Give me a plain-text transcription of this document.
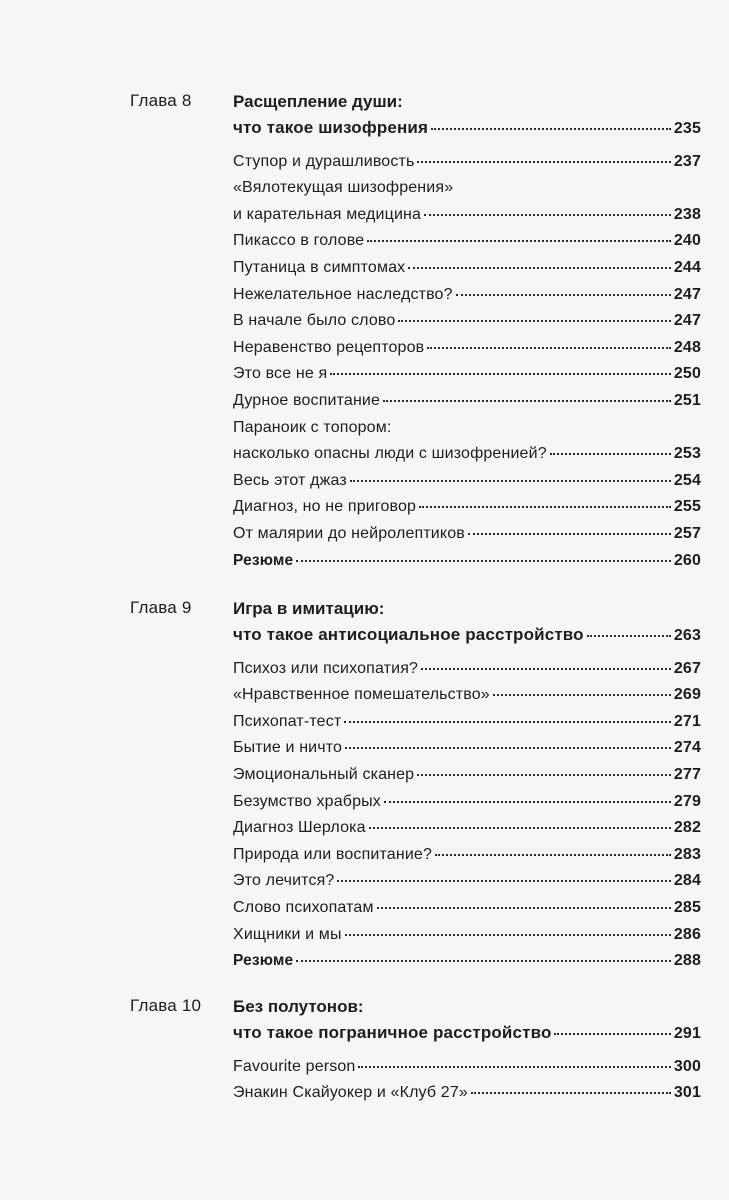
Глава 8 Расщепление души:
что такое шизофрения	235
Ступор и дурашливость	237
«Вялотекущая шизофрения»
и карательная медицина	238
Пикассо в голове	240
Путаница в симптомах	244
Нежелательное наследство?	247
В начале было слово	247
Неравенство рецепторов	248
Это все не я	250
Дурное воспитание	251
Параноик с топором:
насколько опасны люди с шизофренией?	253
Весь этот джаз	254
Диагноз, но не приговор	255
От малярии до нейролептиков	257
Резюме	260
Глава 9 Игра в имитацию:
что такое антисоциальное расстройство	263
Психоз или психопатия?	267
«Нравственное помешательство»	269
Психопат-тест	271
Бытие и ничто	274
Эмоциональный сканер	277
Безумство храбрых	279
Диагноз Шерлока	282
Природа или воспитание?	283
Это лечится?	284
Слово психопатам	285
Хищники и мы	286
Резюме	288
Глава 10 Без полутонов:
что такое пограничное расстройство	291
Favourite person	300
Энакин Скайуокер и «Клуб 27»	301
